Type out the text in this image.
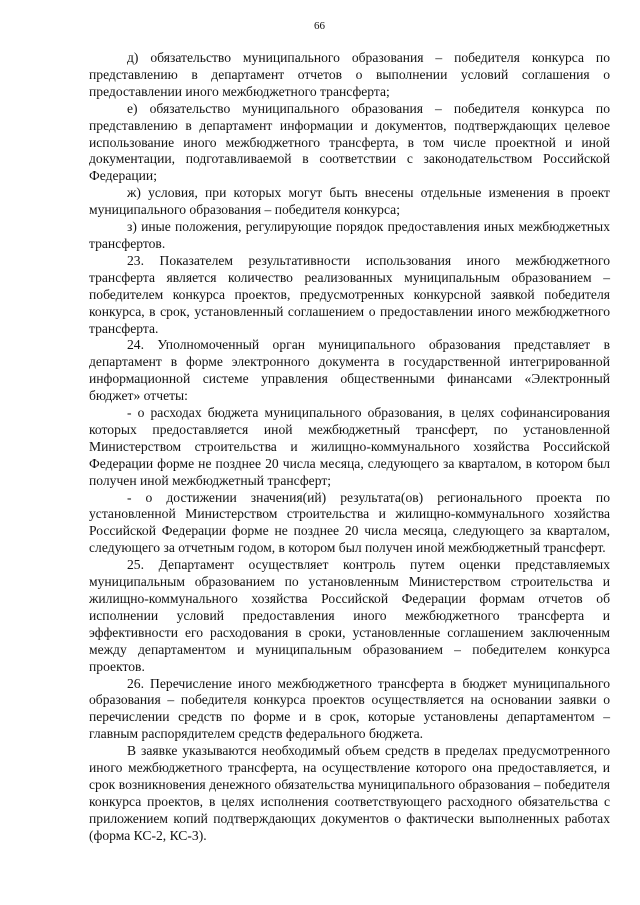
66

д) обязательство муниципального образования – победителя конкурса по представлению в департамент отчетов о выполнении условий соглашения о предоставлении иного межбюджетного трансферта;

е) обязательство муниципального образования – победителя конкурса по представлению в департамент информации и документов, подтверждающих целевое использование иного межбюджетного трансферта, в том числе проектной и иной документации, подготавливаемой в соответствии с законодательством Российской Федерации;

ж) условия, при которых могут быть внесены отдельные изменения в проект муниципального образования – победителя конкурса;

з) иные положения, регулирующие порядок предоставления иных межбюджетных трансфертов.

23. Показателем результативности использования иного межбюджетного трансферта является количество реализованных муниципальным образованием – победителем конкурса проектов, предусмотренных конкурсной заявкой победителя конкурса, в срок, установленный соглашением о предоставлении иного межбюджетного трансферта.

24. Уполномоченный орган муниципального образования представляет в департамент в форме электронного документа в государственной интегрированной информационной системе управления общественными финансами «Электронный бюджет» отчеты:

- о расходах бюджета муниципального образования, в целях софинансирования которых предоставляется иной межбюджетный трансферт, по установленной Министерством строительства и жилищно-коммунального хозяйства Российской Федерации форме не позднее 20 числа месяца, следующего за кварталом, в котором был получен иной межбюджетный трансферт;

- о достижении значения(ий) результата(ов) регионального проекта по установленной Министерством строительства и жилищно-коммунального хозяйства Российской Федерации форме не позднее 20 числа месяца, следующего за кварталом, следующего за отчетным годом, в котором был получен иной межбюджетный трансферт.

25. Департамент осуществляет контроль путем оценки представляемых муниципальным образованием по установленным Министерством строительства и жилищно-коммунального хозяйства Российской Федерации формам отчетов об исполнении условий предоставления иного межбюджетного трансферта и эффективности его расходования в сроки, установленные соглашением заключенным между департаментом и муниципальным образованием – победителем конкурса проектов.

26. Перечисление иного межбюджетного трансферта в бюджет муниципального образования – победителя конкурса проектов осуществляется на основании заявки о перечислении средств по форме и в срок, которые установлены департаментом – главным распорядителем средств федерального бюджета.

В заявке указываются необходимый объем средств в пределах предусмотренного иного межбюджетного трансферта, на осуществление которого она предоставляется, и срок возникновения денежного обязательства муниципального образования – победителя конкурса проектов, в целях исполнения соответствующего расходного обязательства с приложением копий подтверждающих документов о фактически выполненных работах (форма КС-2, КС-3).
